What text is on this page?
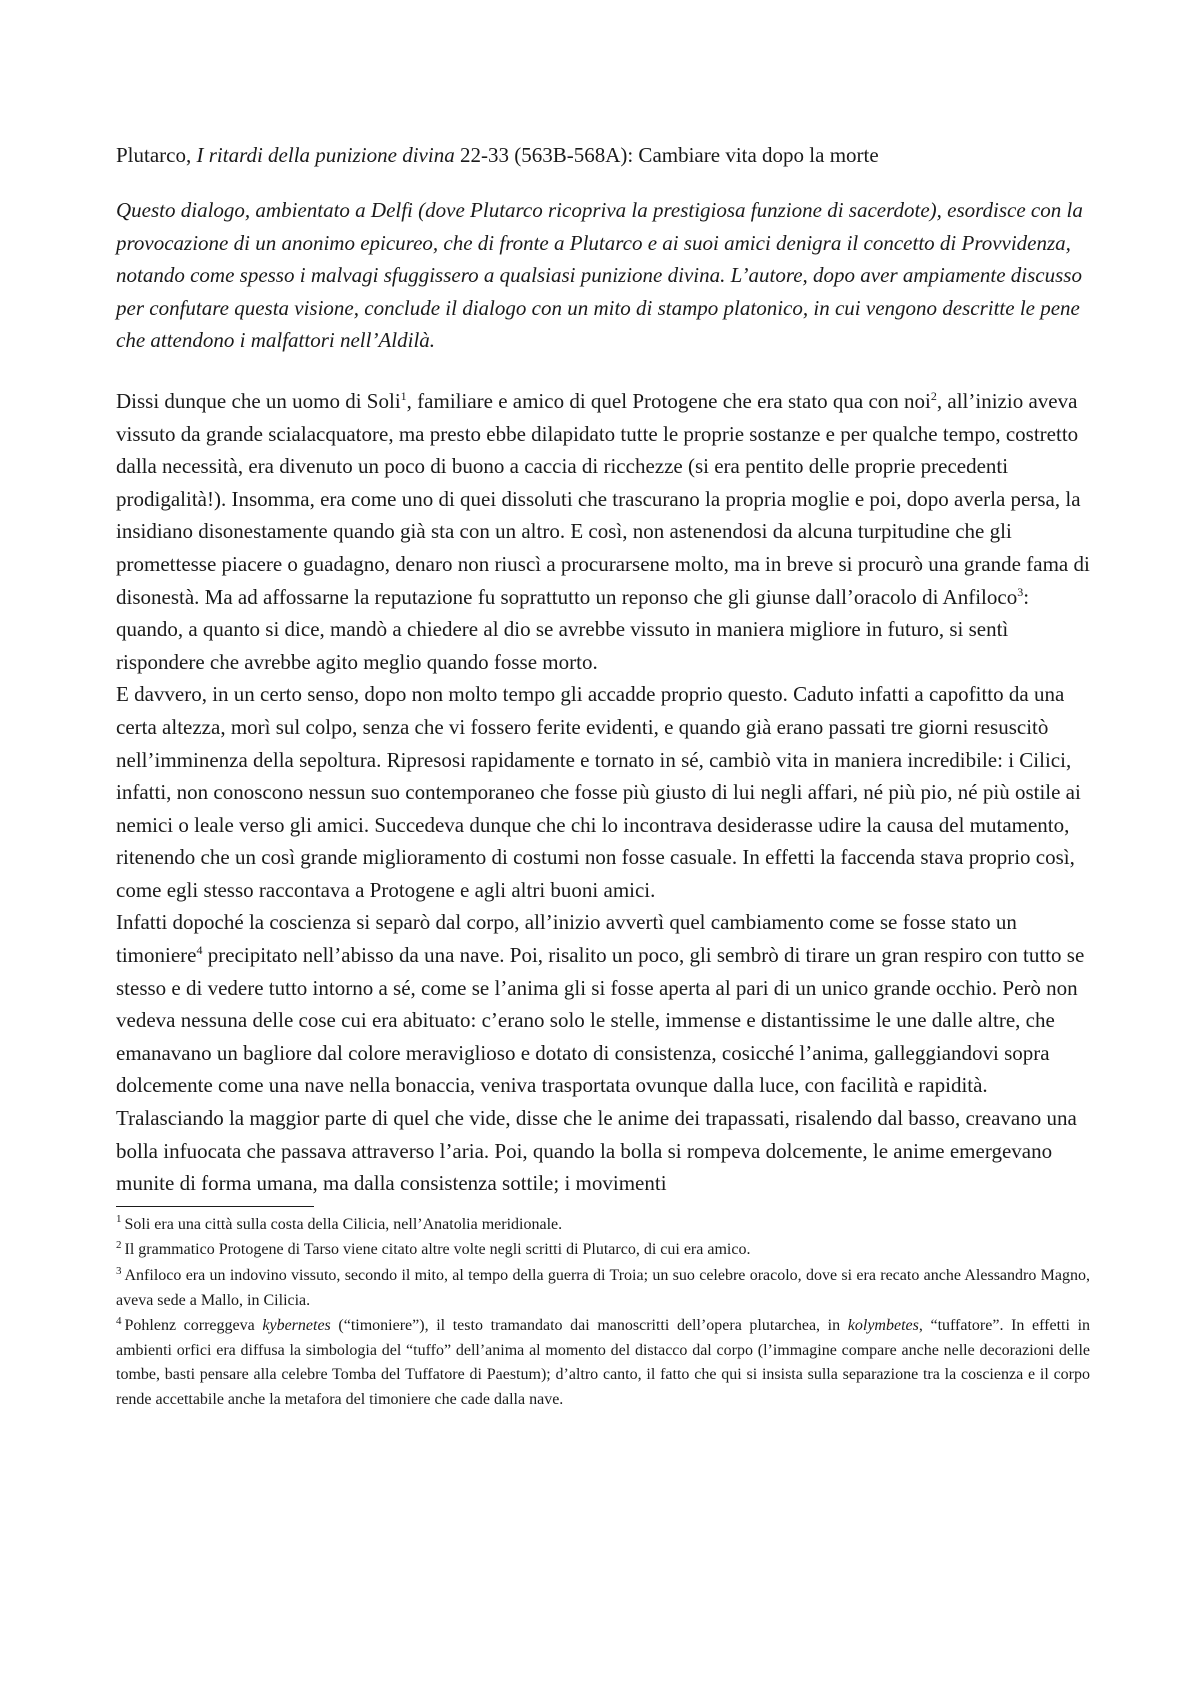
Plutarco, I ritardi della punizione divina 22-33 (563B-568A): Cambiare vita dopo la morte

Questo dialogo, ambientato a Delfi (dove Plutarco ricopriva la prestigiosa funzione di sacerdote), esordisce con la provocazione di un anonimo epicureo, che di fronte a Plutarco e ai suoi amici denigra il concetto di Provvidenza, notando come spesso i malvagi sfuggissero a qualsiasi punizione divina. L’autore, dopo aver ampiamente discusso per confutare questa visione, conclude il dialogo con un mito di stampo platonico, in cui vengono descritte le pene che attendono i malfattori nell’Aldilà.

Dissi dunque che un uomo di Soli$^1$, familiare e amico di quel Protogene che era stato qua con noi$^2$, all’inizio aveva vissuto da grande scialacquatore, ma presto ebbe dilapidato tutte le proprie sostanze e per qualche tempo, costretto dalla necessità, era divenuto un poco di buono a caccia di ricchezze (si era pentito delle proprie precedenti prodigalità!). Insomma, era come uno di quei dissoluti che trascurano la propria moglie e poi, dopo averla persa, la insidiano disonestamente quando già sta con un altro. E così, non astenendosi da alcuna turpitudine che gli promettesse piacere o guadagno, denaro non riuscì a procurarsene molto, ma in breve si procurò una grande fama di disonestà. Ma ad affossarne la reputazione fu soprattutto un reponso che gli giunse dall’oracolo di Anfiloco$^3$: quando, a quanto si dice, mandò a chiedere al dio se avrebbe vissuto in maniera migliore in futuro, si sentì rispondere che avrebbe agito meglio quando fosse morto.

E davvero, in un certo senso, dopo non molto tempo gli accadde proprio questo. Caduto infatti a capofitto da una certa altezza, morì sul colpo, senza che vi fossero ferite evidenti, e quando già erano passati tre giorni resuscitò nell’imminenza della sepoltura. Ripresosi rapidamente e tornato in sé, cambiò vita in maniera incredibile: i Cilici, infatti, non conoscono nessun suo contemporaneo che fosse più giusto di lui negli affari, né più pio, né più ostile ai nemici o leale verso gli amici. Succedeva dunque che chi lo incontrava desiderasse udire la causa del mutamento, ritenendo che un così grande miglioramento di costumi non fosse casuale. In effetti la faccenda stava proprio così, come egli stesso raccontava a Protogene e agli altri buoni amici.

Infatti dopoché la coscienza si separò dal corpo, all’inizio avvertì quel cambiamento come se fosse stato un timoniere$^4$ precipitato nell’abisso da una nave. Poi, risalito un poco, gli sembrò di tirare un gran respiro con tutto se stesso e di vedere tutto intorno a sé, come se l’anima gli si fosse aperta al pari di un unico grande occhio. Però non vedeva nessuna delle cose cui era abituato: c’erano solo le stelle, immense e distantissime le une dalle altre, che emanavano un bagliore dal colore meraviglioso e dotato di consistenza, cosicché l’anima, galleggiandovi sopra dolcemente come una nave nella bonaccia, veniva trasportata ovunque dalla luce, con facilità e rapidità.

Tralasciando la maggior parte di quel che vide, disse che le anime dei trapassati, risalendo dal basso, creavano una bolla infuocata che passava attraverso l’aria. Poi, quando la bolla si rompeva dolcemente, le anime emergevano munite di forma umana, ma dalla consistenza sottile; i movimenti

$^1$ Soli era una città sulla costa della Cilicia, nell’Anatolia meridionale.
$^2$ Il grammatico Protogene di Tarso viene citato altre volte negli scritti di Plutarco, di cui era amico.
$^3$ Anfiloco era un indovino vissuto, secondo il mito, al tempo della guerra di Troia; un suo celebre oracolo, dove si era recato anche Alessandro Magno, aveva sede a Mallo, in Cilicia.
$^4$ Pohlenz correggeva kybernetes (“timoniere”), il testo tramandato dai manoscritti dell’opera plutarchea, in kolymbetes, “tuffatore”. In effetti in ambienti orfici era diffusa la simbologia del “tuffo” dell’anima al momento del distacco dal corpo (l’immagine compare anche nelle decorazioni delle tombe, basti pensare alla celebre Tomba del Tuffatore di Paestum); d’altro canto, il fatto che qui si insista sulla separazione tra la coscienza e il corpo rende accettabile anche la metafora del timoniere che cade dalla nave.
